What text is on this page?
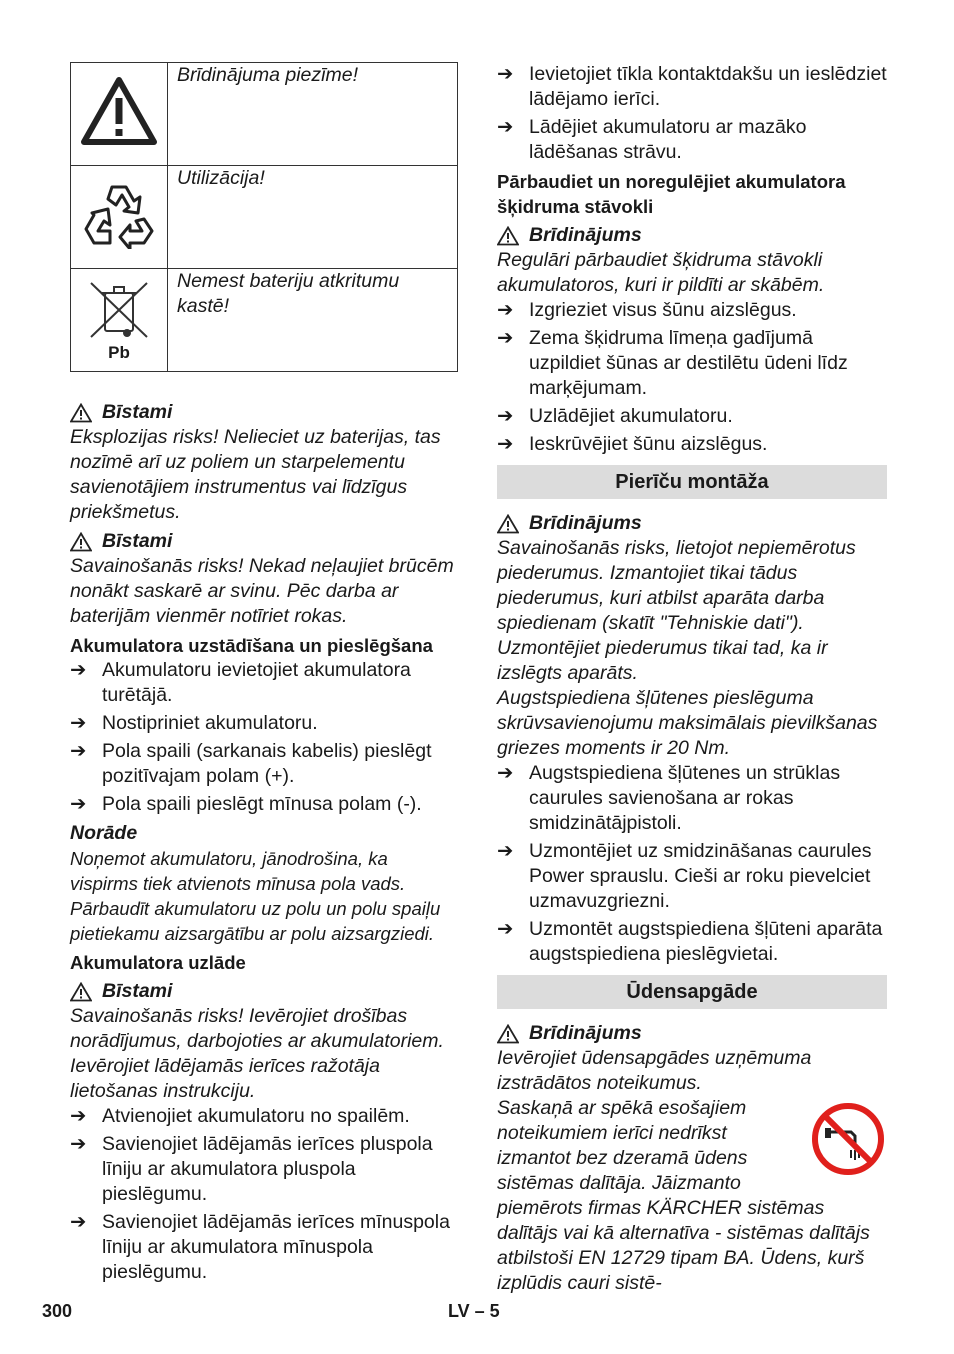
	Brīdinājuma piezīme!
	Utilizācija!

Pb	Nemest bateriju atkritumu kastē!
Bīstami
Eksplozijas risks! Nelieciet uz baterijas, tas nozīmē arī uz poliem un starpelementu savienotājiem instrumentus vai līdzīgus priekšmetus.
Bīstami
Savainošanās risks! Nekad neļaujiet brūcēm nonākt saskarē ar svinu. Pēc darba ar baterijām vienmēr notīriet rokas.
Akumulatora uzstādīšana un pieslēgšana
➔ Akumulatoru ievietojiet akumulatora turētājā.
➔ Nostipriniet akumulatoru.
➔ Pola spaili (sarkanais kabelis) pieslēgt pozitīvajam polam (+).
➔ Pola spaili pieslēgt mīnusa polam (-).
Norāde
Noņemot akumulatoru, jānodrošina, ka vispirms tiek atvienots mīnusa pola vads. Pārbaudīt akumulatoru uz polu un polu spaiļu pietiekamu aizsargātību ar polu aizsargziedi.
Akumulatora uzlāde
Bīstami
Savainošanās risks! Ievērojiet drošības norādījumus, darbojoties ar akumulatoriem. Ievērojiet lādējamās ierīces ražotāja lietošanas instrukciju.
➔ Atvienojiet akumulatoru no spailēm.
➔ Savienojiet lādējamās ierīces pluspola līniju ar akumulatora pluspola pieslēgumu.
➔ Savienojiet lādējamās ierīces mīnuspola līniju ar akumulatora mīnuspola pieslēgumu.
➔ Ievietojiet tīkla kontaktdakšu un ieslēdziet lādējamo ierīci.
➔ Lādējiet akumulatoru ar mazāko lādēšanas strāvu.
Pārbaudiet un noregulējiet akumulatora šķidruma stāvokli
Brīdinājums
Regulāri pārbaudiet šķidruma stāvokli akumulatoros, kuri ir pildīti ar skābēm.
➔ Izgrieziet visus šūnu aizslēgus.
➔ Zema šķidruma līmeņa gadījumā uzpildiet šūnas ar destilētu ūdeni līdz marķējumam.
➔ Uzlādējiet akumulatoru.
➔ Ieskrūvējiet šūnu aizslēgus.
Pierīču montāža
Brīdinājums
Savainošanās risks, lietojot nepiemērotus piederumus. Izmantojiet tikai tādus piederumus, kuri atbilst aparāta darba spiedienam (skatīt "Tehniskie dati").
Uzmontējiet piederumus tikai tad, ka ir izslēgts aparāts.
Augstspiediena šļūtenes pieslēguma skrūvsavienojumu maksimālais pievilkšanas griezes moments ir 20 Nm.
➔ Augstspiediena šļūtenes un strūklas caurules savienošana ar rokas smidzinātājpistoli.
➔ Uzmontējiet uz smidzināšanas caurules Power sprauslu. Cieši ar roku pievelciet uzmavuzgriezni.
➔ Uzmontēt augstspiediena šļūteni aparāta augstspiediena pieslēgvietai.
Ūdensapgāde
Brīdinājums
Ievērojiet ūdensapgādes uzņēmuma izstrādātos noteikumus.
Saskaņā ar spēkā esošajiem noteikumiem ierīci nedrīkst izmantot bez dzeramā ūdens sistēmas dalītāja. Jāizmanto piemērots firmas KÄRCHER sistēmas dalītājs vai kā alternatīva - sistēmas dalītājs atbilstoši EN 12729 tipam BA. Ūdens, kurš izplūdis cauri sistē-
300	LV – 5
